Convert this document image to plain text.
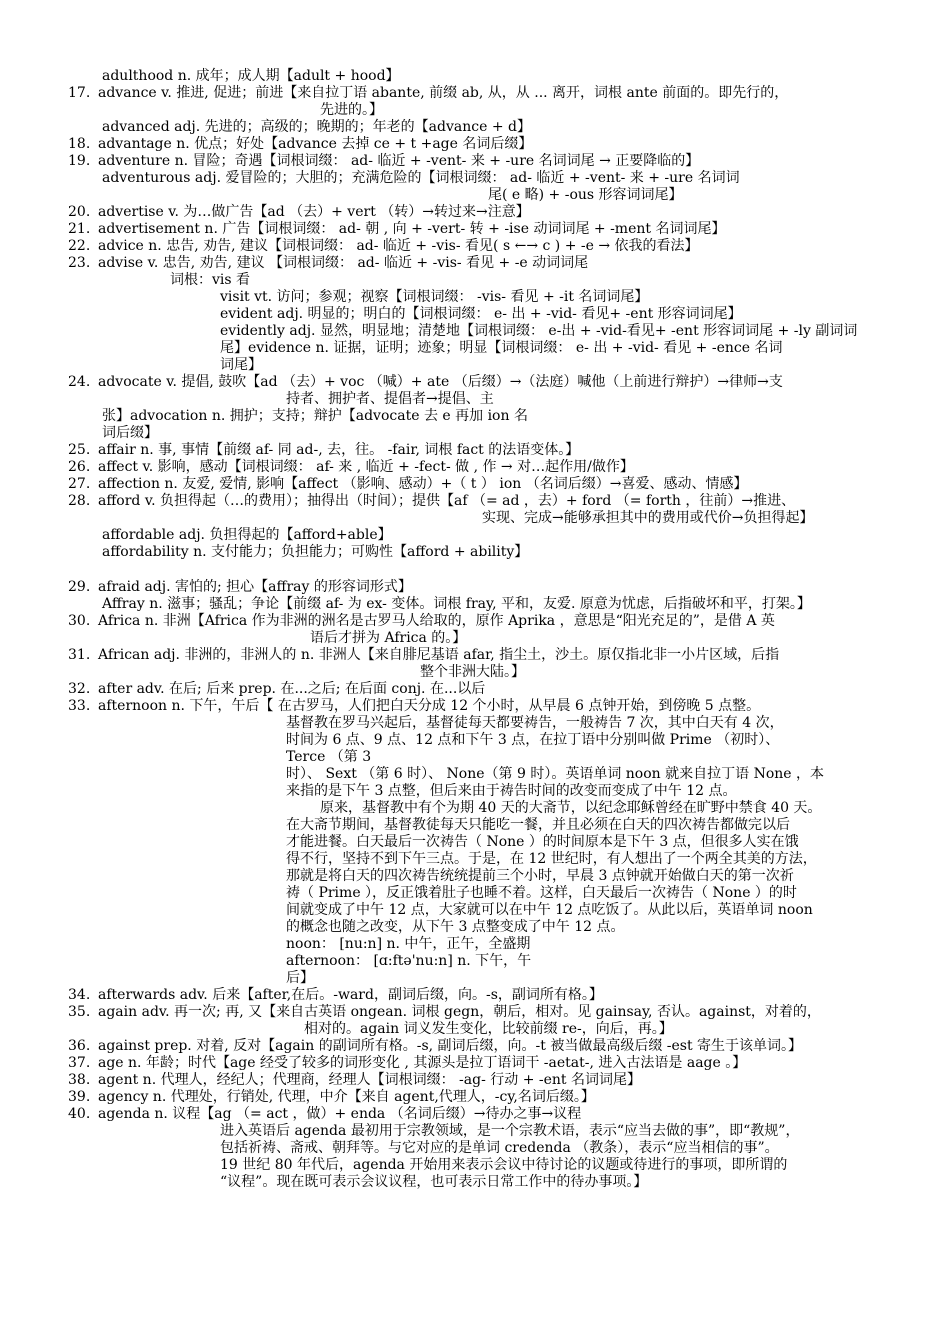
adulthood n. 成年；成人期【adult + hood】
17. advance v. 推进, 促进；前进【来自拉丁语 abante, 前缀 ab, 从，从 ... 离开，词根 ante 前面的。即先行的，
先进的。】
advanced adj. 先进的；高级的；晚期的；年老的【advance + d】
18. advantage n. 优点；好处【advance 去掉 ce + t +age 名词后缀】
19. adventure n. 冒险；奇遇【词根词缀： ad- 临近 + -vent- 来 + -ure 名词词尾 → 正要降临的】
adventurous adj. 爱冒险的；大胆的；充满危险的【词根词缀： ad- 临近 + -vent- 来 + -ure 名词词
尾( e 略) + -ous 形容词词尾】
20. advertise v. 为…做广告【ad （去）+ vert （转）→转过来→注意】
21. advertisement n. 广告【词根词缀： ad- 朝 , 向 + -vert- 转 + -ise 动词词尾 + -ment 名词词尾】
22. advice n. 忠告, 劝告, 建议【词根词缀： ad- 临近 + -vis- 看见( s ←→ c ) + -e → 依我的看法】
23. advise v. 忠告, 劝告, 建议 【词根词缀： ad- 临近 + -vis- 看见 + -e 动词词尾
词根：vis 看
visit vt. 访问；参观；视察【词根词缀： -vis- 看见 + -it 名词词尾】
evident adj. 明显的；明白的【词根词缀： e- 出 + -vid- 看见+ -ent 形容词词尾】
evidently adj. 显然，明显地；清楚地【词根词缀： e-出 + -vid-看见+ -ent 形容词词尾 + -ly 副词词
尾】evidence n. 证据，证明；迹象；明显【词根词缀： e- 出 + -vid- 看见 + -ence 名词
词尾】
24. advocate v. 提倡, 鼓吹【ad （去）+ voc （喊）+ ate （后缀）→（法庭）喊他（上前进行辩护）→律师→支
持者、拥护者、提倡者→提倡、主
张】advocation n. 拥护；支持；辩护【advocate 去 e 再加 ion 名
词后缀】
25. affair n. 事, 事情【前缀 af- 同 ad-, 去，往。 -fair, 词根 fact 的法语变体。】
26. affect v. 影响，感动【词根词缀： af- 来 , 临近 + -fect- 做 , 作 → 对…起作用/做作】
27. affection n. 友爱, 爱情, 影响【affect （影响、感动）+（ t ） ion （名词后缀）→喜爱、感动、情感】
28. afford v. 负担得起（…的费用）；抽得出（时间）；提供【af （= ad ，去）+ ford （= forth ，往前）→推进、
实现、完成→能够承担其中的费用或代价→负担得起】
affordable adj. 负担得起的【afford+able】
affordability n. 支付能力；负担能力；可购性【afford + ability】
29. afraid adj. 害怕的; 担心【affray 的形容词形式】
Affray n. 滋事；骚乱；争论【前缀 af- 为 ex- 变体。词根 fray, 平和，友爱. 原意为忧虑，后指破坏和平，打架。】
30. Africa n. 非洲【Africa 作为非洲的洲名是古罗马人给取的，原作 Aprika ，意思是“阳光充足的”，是借 A 英
语后才拼为 Africa 的。】
31. African adj. 非洲的，非洲人的 n. 非洲人【来自腓尼基语 afar, 指尘土，沙土。原仅指北非一小片区域，后指
整个非洲大陆。】
32. after adv. 在后; 后来 prep. 在...之后; 在后面 conj. 在...以后
33. afternoon n. 下午，午后【 在古罗马，人们把白天分成 12 个小时，从早晨 6 点钟开始，到傍晚 5 点整。
基督教在罗马兴起后，基督徒每天都要祷告，一般祷告 7 次，其中白天有 4 次，
时间为 6 点、9 点、12 点和下午 3 点，在拉丁语中分别叫做 Prime （初时）、
Terce （第 3
时）、 Sext （第 6 时）、 None（第 9 时）。英语单词 noon 就来自拉丁语 None ，本
来指的是下午 3 点整，但后来由于祷告时间的改变而变成了中午 12 点。
原来，基督教中有个为期 40 天的大斋节，以纪念耶稣曾经在旷野中禁食 40 天。
在大斋节期间，基督教徒每天只能吃一餐，并且必须在白天的四次祷告都做完以后
才能进餐。白天最后一次祷告（ None ）的时间原本是下午 3 点，但很多人实在饿
得不行，坚持不到下午三点。于是，在 12 世纪时，有人想出了一个两全其美的方法，
那就是将白天的四次祷告统统提前三个小时，早晨 3 点钟就开始做白天的第一次祈
祷（ Prime ），反正饿着肚子也睡不着。这样，白天最后一次祷告（ None ）的时
间就变成了中午 12 点，大家就可以在中午 12 点吃饭了。从此以后，英语单词 noon
的概念也随之改变，从下午 3 点整变成了中午 12 点。
noon： [nu:n] n. 中午，正午，全盛期
afternoon： [ɑ:ftə'nu:n] n. 下午，午
后】
34. afterwards adv. 后来【after,在后。-ward，副词后缀，向。-s，副词所有格。】
35. again adv. 再一次; 再, 又【来自古英语 ongean. 词根 gegn，朝后，相对。见 gainsay, 否认。against，对着的，
相对的。again 词义发生变化，比较前缀 re-，向后，再。】
36. against prep. 对着, 反对【again 的副词所有格。-s, 副词后缀，向。-t 被当做最高级后缀 -est 寄生于该单词。】
37. age n. 年龄；时代【age 经受了较多的词形变化 , 其源头是拉丁语词干 -aetat-, 进入古法语是 aage 。】
38. agent n. 代理人，经纪人；代理商，经理人【词根词缀： -ag- 行动 + -ent 名词词尾】
39. agency n. 代理处，行销处, 代理，中介【来自 agent,代理人，-cy,名词后缀。】
40. agenda n. 议程【ag （= act ，做）+ enda （名词后缀）→待办之事→议程
进入英语后 agenda 最初用于宗教领域，是一个宗教术语，表示“应当去做的事”，即“教规”，
包括祈祷、斋戒、朝拜等。与它对应的是单词 credenda （教条），表示“应当相信的事”。
19 世纪 80 年代后，agenda 开始用来表示会议中待讨论的议题或待进行的事项，即所谓的
“议程”。现在既可表示会议议程，也可表示日常工作中的待办事项。】
